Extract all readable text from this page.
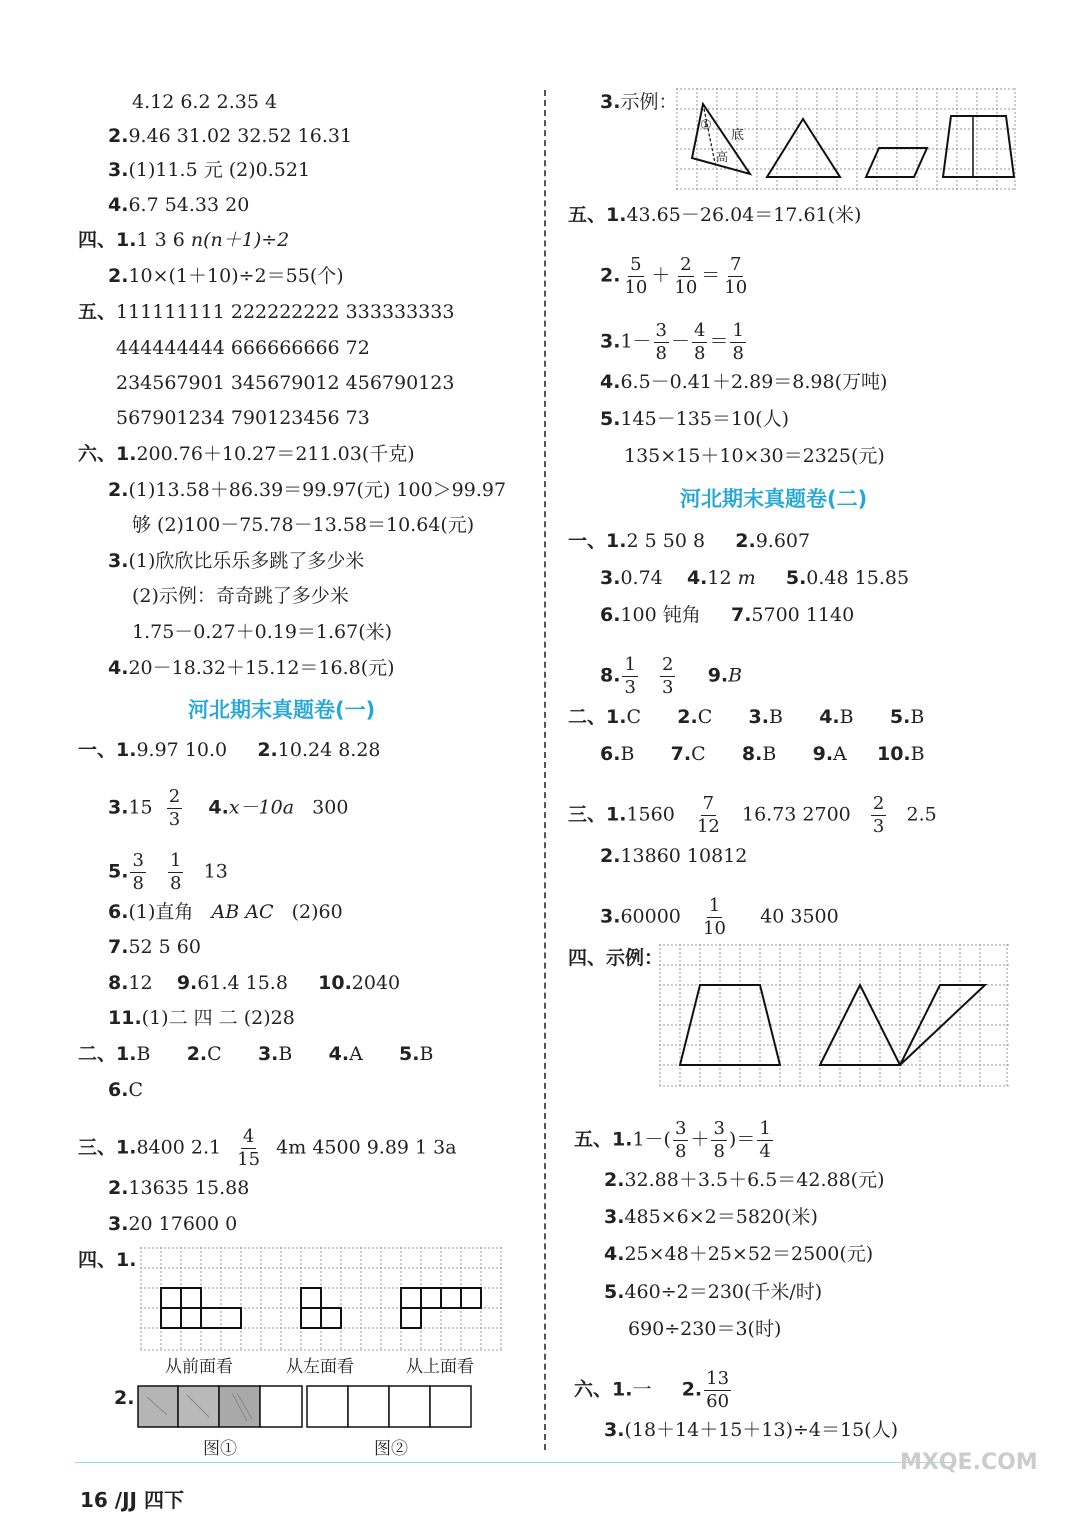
4.12 6.2 2.35 4
2.9.46 31.02 32.52 16.31
3.(1)11.5 元 (2)0.521
4.6.7 54.33 20
四、1.1 3 6 n(n＋1)÷2
2.10×(1＋10)÷2＝55(个)
五、111111111 222222222 333333333
444444444 666666666 72
234567901 345679012 456790123
567901234 790123456 73
六、1.200.76＋10.27＝211.03(千克)
2.(1)13.58＋86.39＝99.97(元) 100＞99.97
够 (2)100－75.78－13.58＝10.64(元)
3.(1)欣欣比乐乐多跳了多少米
(2)示例：奇奇跳了多少米
1.75－0.27＋0.19＝1.67(米)
4.20－18.32＋15.12＝16.8(元)
河北期末真题卷(一)
一、1.9.97 10.0 2.10.24 8.28
$3.15 \frac{2}{3} 4.x-10a$ 300
5. $\frac{3}{8}$
$\frac{1}{8} 13$
6.(1)直角 AB AC (2)60
7.52 5 60
8.12 9.61.4 15.8 10.2040
11.(1)二 四 二 (2)28
二、1.B 2.C 3.B 4.A 5.B
6.C
三、1.8400 $2.1 \frac{4}{15} 4m$ 4500 9.89 1 3a
2.13635 15.88
3.20 17600 0
四、1.
从前面看	从左面看	从上面看
2.
图①	图②
3.示例：
①
底
高
五、1.43.65－26.04＝17.61(米)
2. $\frac{5}{10} + \frac{2}{10} = \frac{7}{10}$
$3.1- \frac{3}{8} - \frac{4}{8} = \frac{1}{8}$
4.6.5－0.41＋2.89＝8.98(万吨)
5.145－135＝10(人)
135×15＋10×30＝2325(元)
河北期末真题卷(二)
一、1.2 5 50 8 2.9.607
3.0.74 4.12 m 5.0.48 15.85
6.100 钝角 7.5700 1140
8. $\frac{1}{3}$
$\frac{2}{3} 9.B$
二、1.C 2.C 3.B 4.B 5.B
6.B 7.C 8.B 9.A 10.B
三、$1.1560 \frac{7}{12} 16.73$ $2700 \frac{2}{3} 2.5$
2.13860 10812
$3.60000 \frac{1}{10} 40$ 3500
四、示例：
五、$1.1-( \frac{3}{8} + \frac{3}{8}$ )＝ $\frac{1}{4}$
2.32.88＋3.5＋6.5＝42.88(元)
3.485×6×2＝5820(米)
4.25×48＋25×52＝2500(元)
5.460÷2＝230(千米/时)
690÷230＝3(时)
六、1.一 2. $\frac{13}{60}$
3.(18＋14＋15＋13)÷4＝15(人)
16 /JJ 四下
MXQE.COM
